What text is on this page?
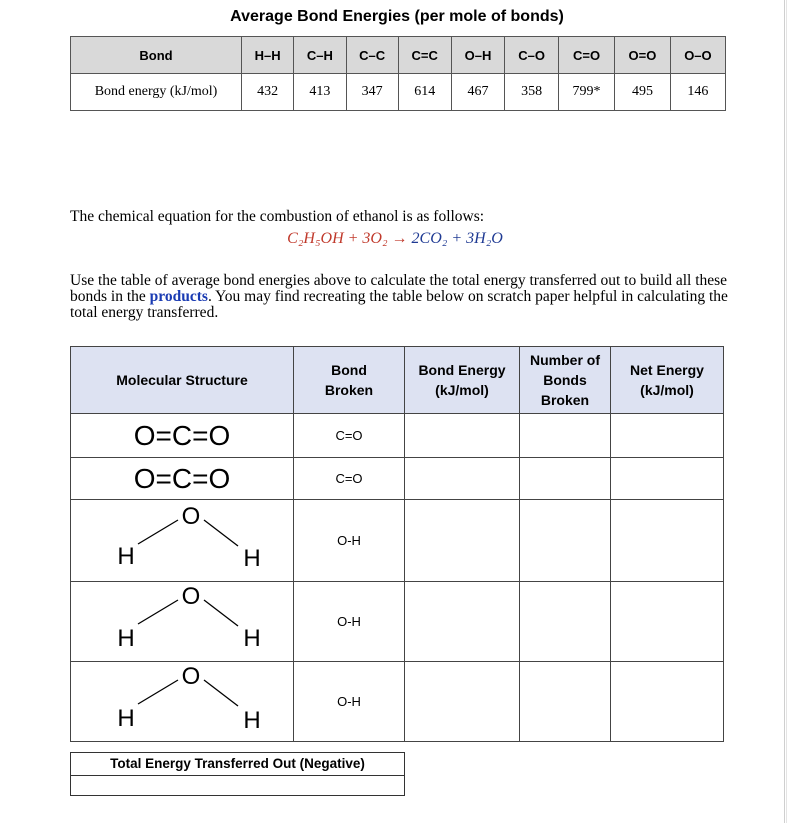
Average Bond Energies (per mole of bonds)
Bond	H–H	C–H	C–C	C=C	O–H	C–O	C=O	O=O	O–O
Bond energy (kJ/mol)	432	413	347	614	467	358	799*	495	146
The chemical equation for the combustion of ethanol is as follows:
C₂H₅OH + 3O₂ → 2CO₂ + 3H₂O
Use the table of average bond energies above to calculate the total energy transferred out to build all these bonds in the products. You may find recreating the table below on scratch paper helpful in calculating the total energy transferred.
Molecular Structure	Bond Broken	Bond Energy (kJ/mol)	Number of Bonds Broken	Net Energy (kJ/mol)

O=C=O	C=O			
O=C=O	C=O			

O
H H	O-H			

O
H H	O-H			

O
H H	O-H			
Total Energy Transferred Out (Negative)
